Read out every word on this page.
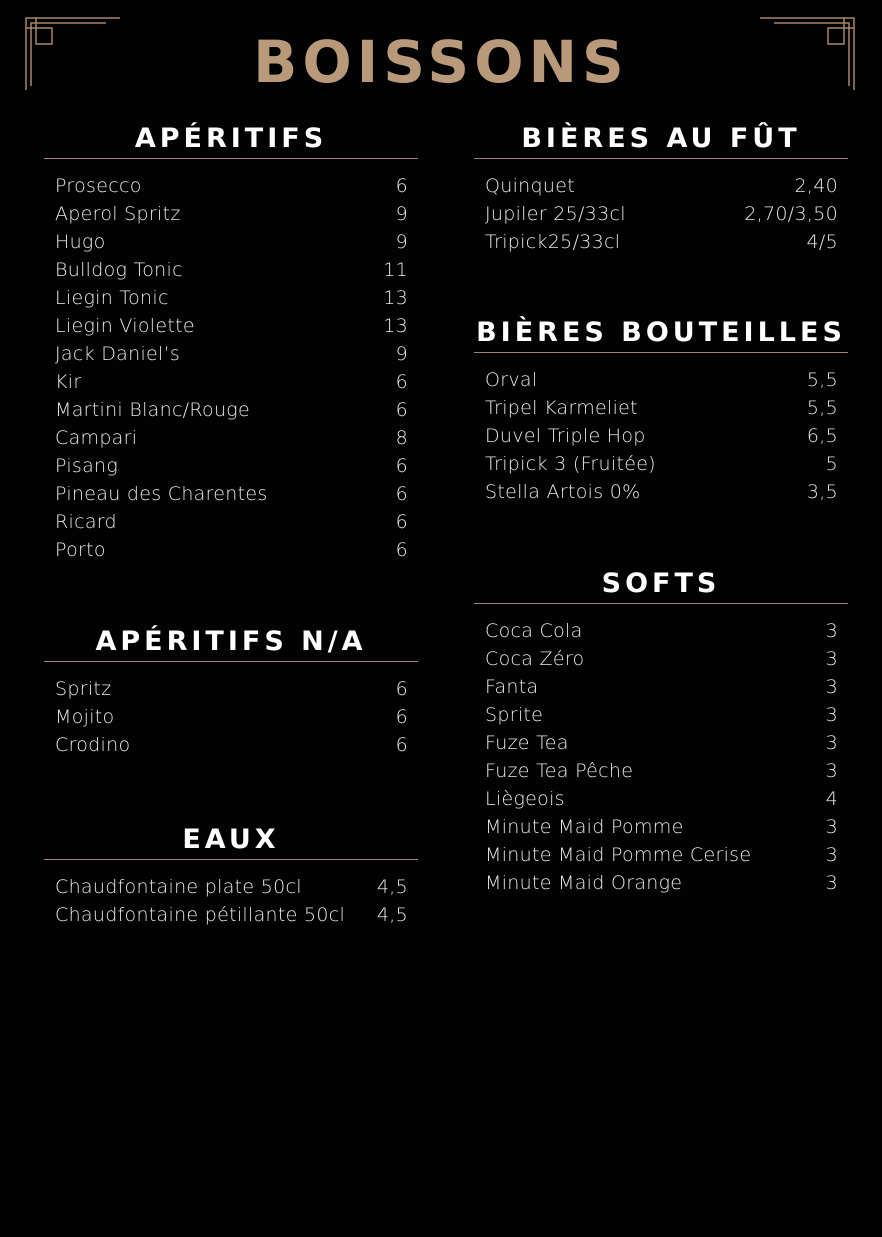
BOISSONS
APÉRITIFS
Prosecco	6
Aperol Spritz	9
Hugo	9
Bulldog Tonic	11
Liegin Tonic	13
Liegin Violette	13
Jack Daniel’s	9
Kir	6
Martini Blanc/Rouge	6
Campari	8
Pisang	6
Pineau des Charentes	6
Ricard	6
Porto	6
APÉRITIFS N/A
Spritz	6
Mojito	6
Crodino	6
EAUX
Chaudfontaine plate 50cl	4,5
Chaudfontaine pétillante 50cl 4,5
BIÈRES AU FÛT
Quinquet	2,40
Jupiler 25/33cl	2,70/3,50
Tripick25/33cl	4/5
BIÈRES BOUTEILLES
Orval	5,5
Tripel Karmeliet	5,5
Duvel Triple Hop	6,5
Tripick 3 (Fruitée)	5
Stella Artois 0%	3,5
SOFTS
Coca Cola	3
Coca Zéro	3
Fanta	3
Sprite	3
Fuze Tea	3
Fuze Tea Pêche	3
Liègeois	4
Minute Maid Pomme	3
Minute Maid Pomme Cerise	3
Minute Maid Orange	3
